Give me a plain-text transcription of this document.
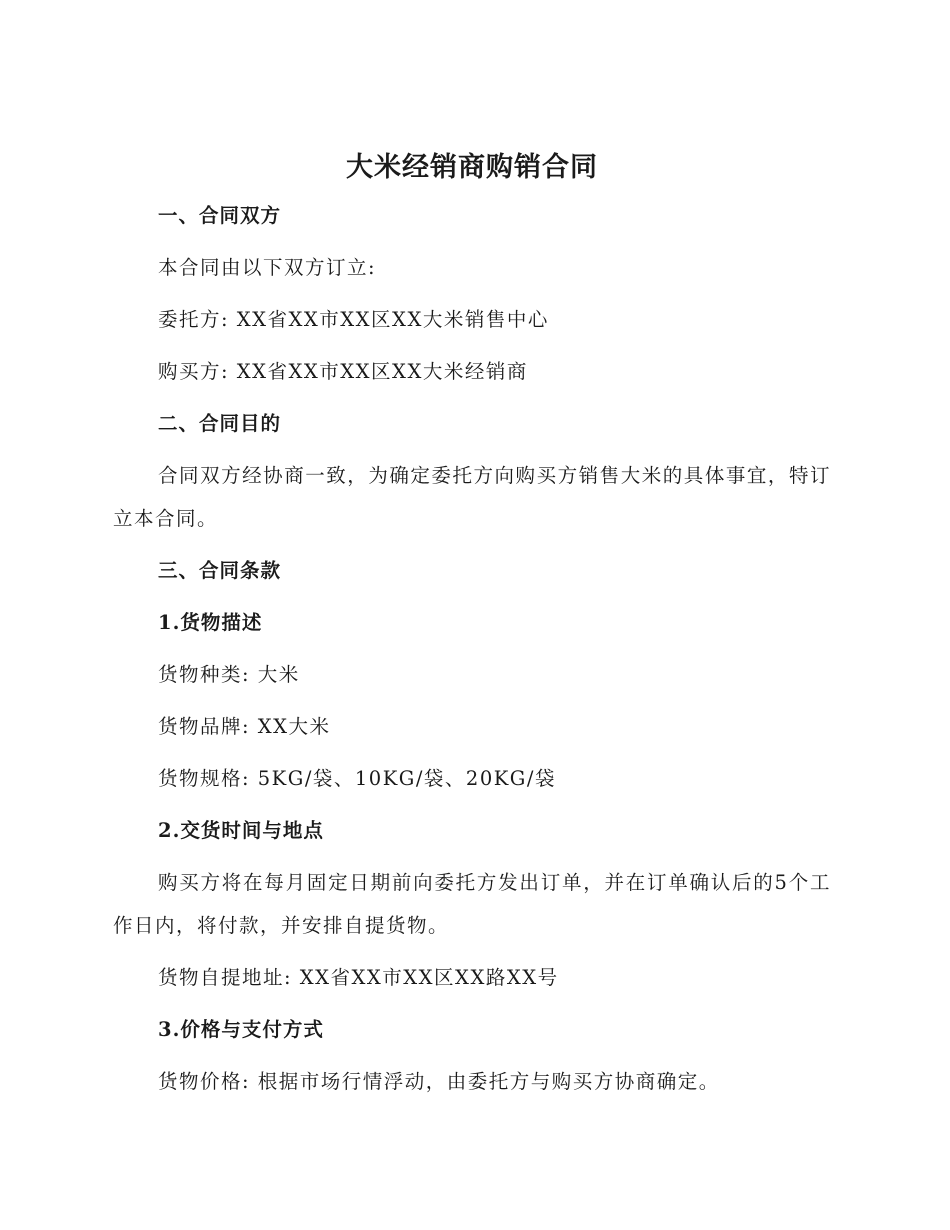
大米经销商购销合同
一、合同双方
本合同由以下双方订立:
委托方: XX省XX市XX区XX大米销售中心
购买方: XX省XX市XX区XX大米经销商
二、合同目的
合同双方经协商一致，为确定委托方向购买方销售大米的具体事宜，特订立本合同。
三、合同条款
1.货物描述
货物种类: 大米
货物品牌: XX大米
货物规格: 5KG/袋、10KG/袋、20KG/袋
2.交货时间与地点
购买方将在每月固定日期前向委托方发出订单，并在订单确认后的5个工作日内，将付款，并安排自提货物。
货物自提地址: XX省XX市XX区XX路XX号
3.价格与支付方式
货物价格: 根据市场行情浮动，由委托方与购买方协商确定。
